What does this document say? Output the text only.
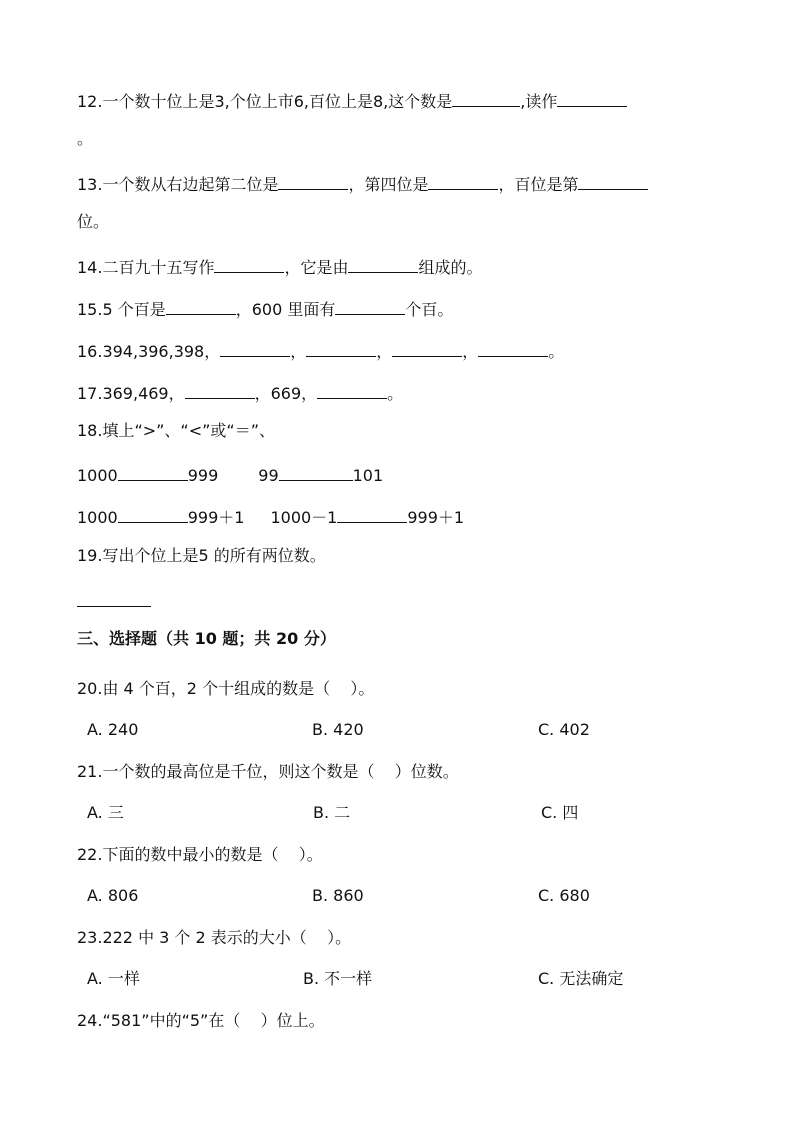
12.一个数十位上是3,个位上市6,百位上是8,这个数是	,读作
。
13.一个数从右边起第二位是	，第四位是	，百位是第
位。
14.二百九十五写作	，它是由	组成的。
15.5 个百是	，600 里面有	个百。
16.394,396,398，	，	，	，	。
17.369,469，	，669，	。
18.填上“>”、“<”或“＝”、
1000	999	99	101
1000	999＋1 1000－1	999＋1
19.写出个位上是5 的所有两位数。
三、选择题（共 10 题；共 20 分）
20.由 4 个百，2 个十组成的数是（    ）。
A. 240	B. 420	C. 402
21.一个数的最高位是千位，则这个数是（    ）位数。
A. 三	B. 二	C. 四
22.下面的数中最小的数是（    ）。
A. 806	B. 860	C. 680
23.222 中 3 个 2 表示的大小（    ）。
A. 一样	B. 不一样	C. 无法确定
24.“581”中的“5”在（    ）位上。
